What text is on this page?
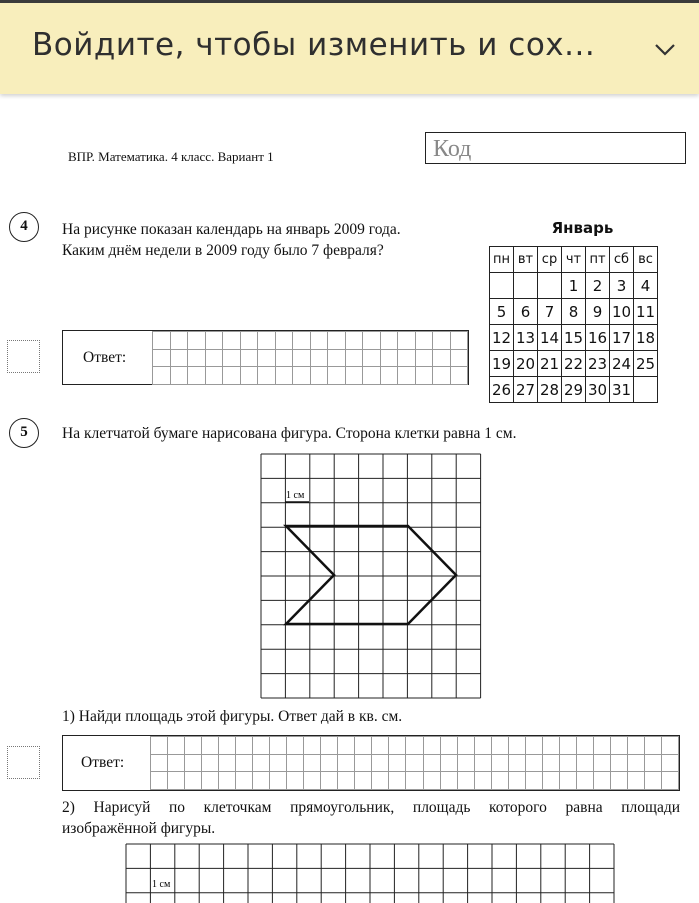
Войдите, чтобы изменить и сох...
ВПР. Математика. 4 класс. Вариант 1	Код
4	На рисунке показан календарь на январь 2009 года.
Каким днём недели в 2009 году было 7 февраля?
Ответ:

Январь
пн	вт	ср	чт	пт	сб	вс
			1	2	3	4
5	6	7	8	9	10	11
12	13	14	15	16	17	18
19	20	21	22	23	24	25
26	27	28	29	30	31	
5	На клетчатой бумаге нарисована фигура. Сторона клетки равна 1 см.
1 см
1) Найди площадь этой фигуры. Ответ дай в кв. см.
Ответ:

2) Нарисуй по клеточкам прямоугольник, площадь которого равна площади
изображённой фигуры.
1 см
